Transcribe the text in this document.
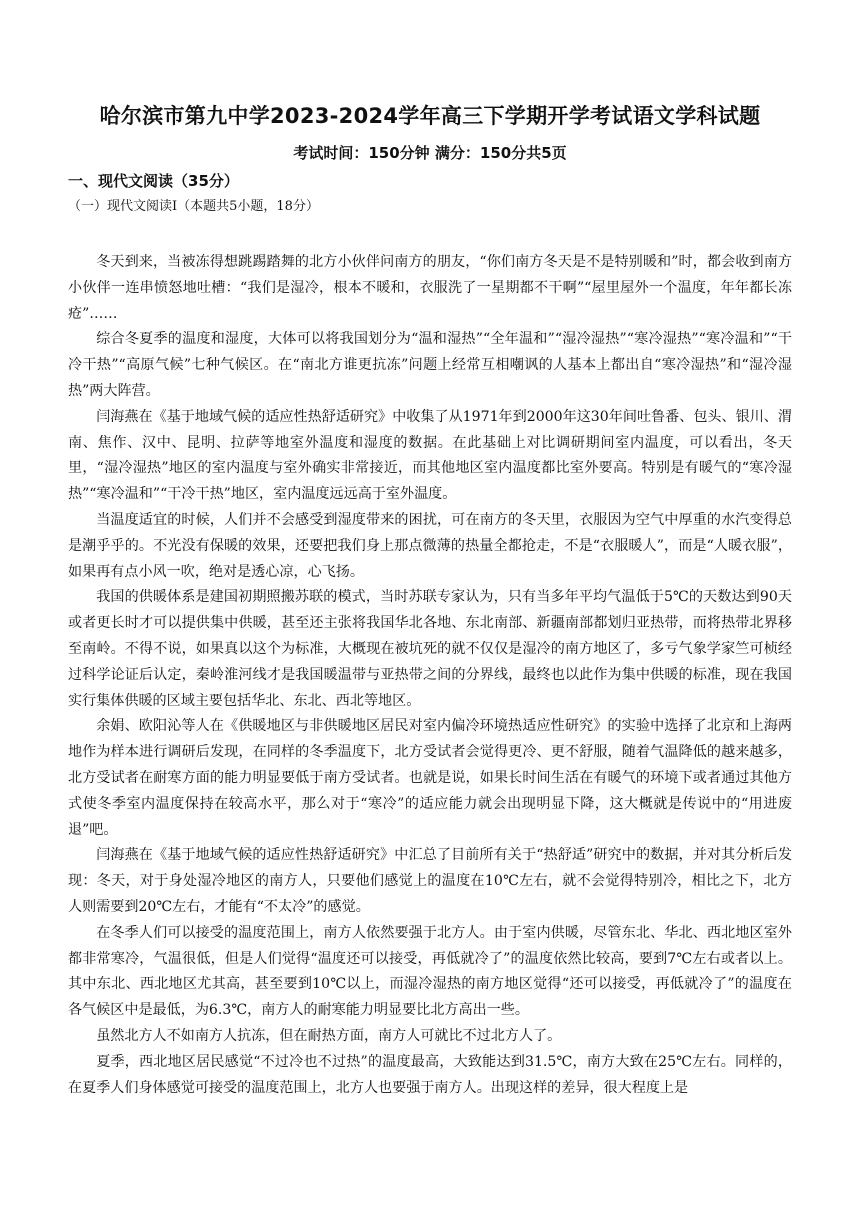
哈尔滨市第九中学2023-2024学年高三下学期开学考试语文学科试题
考试时间：150分钟 满分：150分共5页
一、现代文阅读（35分）
（一）现代文阅读Ⅰ（本题共5小题，18分）

冬天到来，当被冻得想跳踢踏舞的北方小伙伴问南方的朋友，“你们南方冬天是不是特别暖和”时，都会收到南方小伙伴一连串愤怒地吐槽：“我们是湿冷，根本不暖和，衣服洗了一星期都不干啊”“屋里屋外一个温度，年年都长冻疮”……

综合冬夏季的温度和湿度，大体可以将我国划分为“温和湿热”“全年温和”“湿冷湿热”“寒冷湿热”“寒冷温和”“干冷干热”“高原气候”七种气候区。在“南北方谁更抗冻”问题上经常互相嘲讽的人基本上都出自“寒冷湿热”和“湿冷湿热”两大阵营。

闫海燕在《基于地域气候的适应性热舒适研究》中收集了从1971年到2000年这30年间吐鲁番、包头、银川、渭南、焦作、汉中、昆明、拉萨等地室外温度和湿度的数据。在此基础上对比调研期间室内温度，可以看出，冬天里，“湿冷湿热”地区的室内温度与室外确实非常接近，而其他地区室内温度都比室外要高。特别是有暖气的“寒冷湿热”“寒冷温和”“干冷干热”地区，室内温度远远高于室外温度。

当温度适宜的时候，人们并不会感受到湿度带来的困扰，可在南方的冬天里，衣服因为空气中厚重的水汽变得总是潮乎乎的。不光没有保暖的效果，还要把我们身上那点微薄的热量全都抢走，不是“衣服暖人”，而是“人暖衣服”，如果再有点小风一吹，绝对是透心凉，心飞扬。

我国的供暖体系是建国初期照搬苏联的模式，当时苏联专家认为，只有当多年平均气温低于5℃的天数达到90天或者更长时才可以提供集中供暖，甚至还主张将我国华北各地、东北南部、新疆南部都划归亚热带，而将热带北界移至南岭。不得不说，如果真以这个为标准，大概现在被坑死的就不仅仅是湿冷的南方地区了，多亏气象学家竺可桢经过科学论证后认定，秦岭淮河线才是我国暖温带与亚热带之间的分界线，最终也以此作为集中供暖的标准，现在我国实行集体供暖的区域主要包括华北、东北、西北等地区。

余娟、欧阳沁等人在《供暖地区与非供暖地区居民对室内偏冷环境热适应性研究》的实验中选择了北京和上海两地作为样本进行调研后发现，在同样的冬季温度下，北方受试者会觉得更冷、更不舒服，随着气温降低的越来越多，北方受试者在耐寒方面的能力明显要低于南方受试者。也就是说，如果长时间生活在有暖气的环境下或者通过其他方式使冬季室内温度保持在较高水平，那么对于“寒冷”的适应能力就会出现明显下降，这大概就是传说中的“用进废退”吧。

闫海燕在《基于地域气候的适应性热舒适研究》中汇总了目前所有关于“热舒适”研究中的数据，并对其分析后发现：冬天，对于身处湿冷地区的南方人，只要他们感觉上的温度在10℃左右，就不会觉得特别冷，相比之下，北方人则需要到20℃左右，才能有“不太冷”的感觉。

在冬季人们可以接受的温度范围上，南方人依然要强于北方人。由于室内供暖，尽管东北、华北、西北地区室外都非常寒冷，气温很低，但是人们觉得“温度还可以接受，再低就冷了”的温度依然比较高，要到7℃左右或者以上。其中东北、西北地区尤其高，甚至要到10℃以上，而湿冷湿热的南方地区觉得“还可以接受，再低就冷了”的温度在各气候区中是最低，为6.3℃，南方人的耐寒能力明显要比北方高出一些。

虽然北方人不如南方人抗冻，但在耐热方面，南方人可就比不过北方人了。

夏季，西北地区居民感觉“不过冷也不过热”的温度最高，大致能达到31.5℃，南方大致在25℃左右。同样的，在夏季人们身体感觉可接受的温度范围上，北方人也要强于南方人。出现这样的差异，很大程度上是
